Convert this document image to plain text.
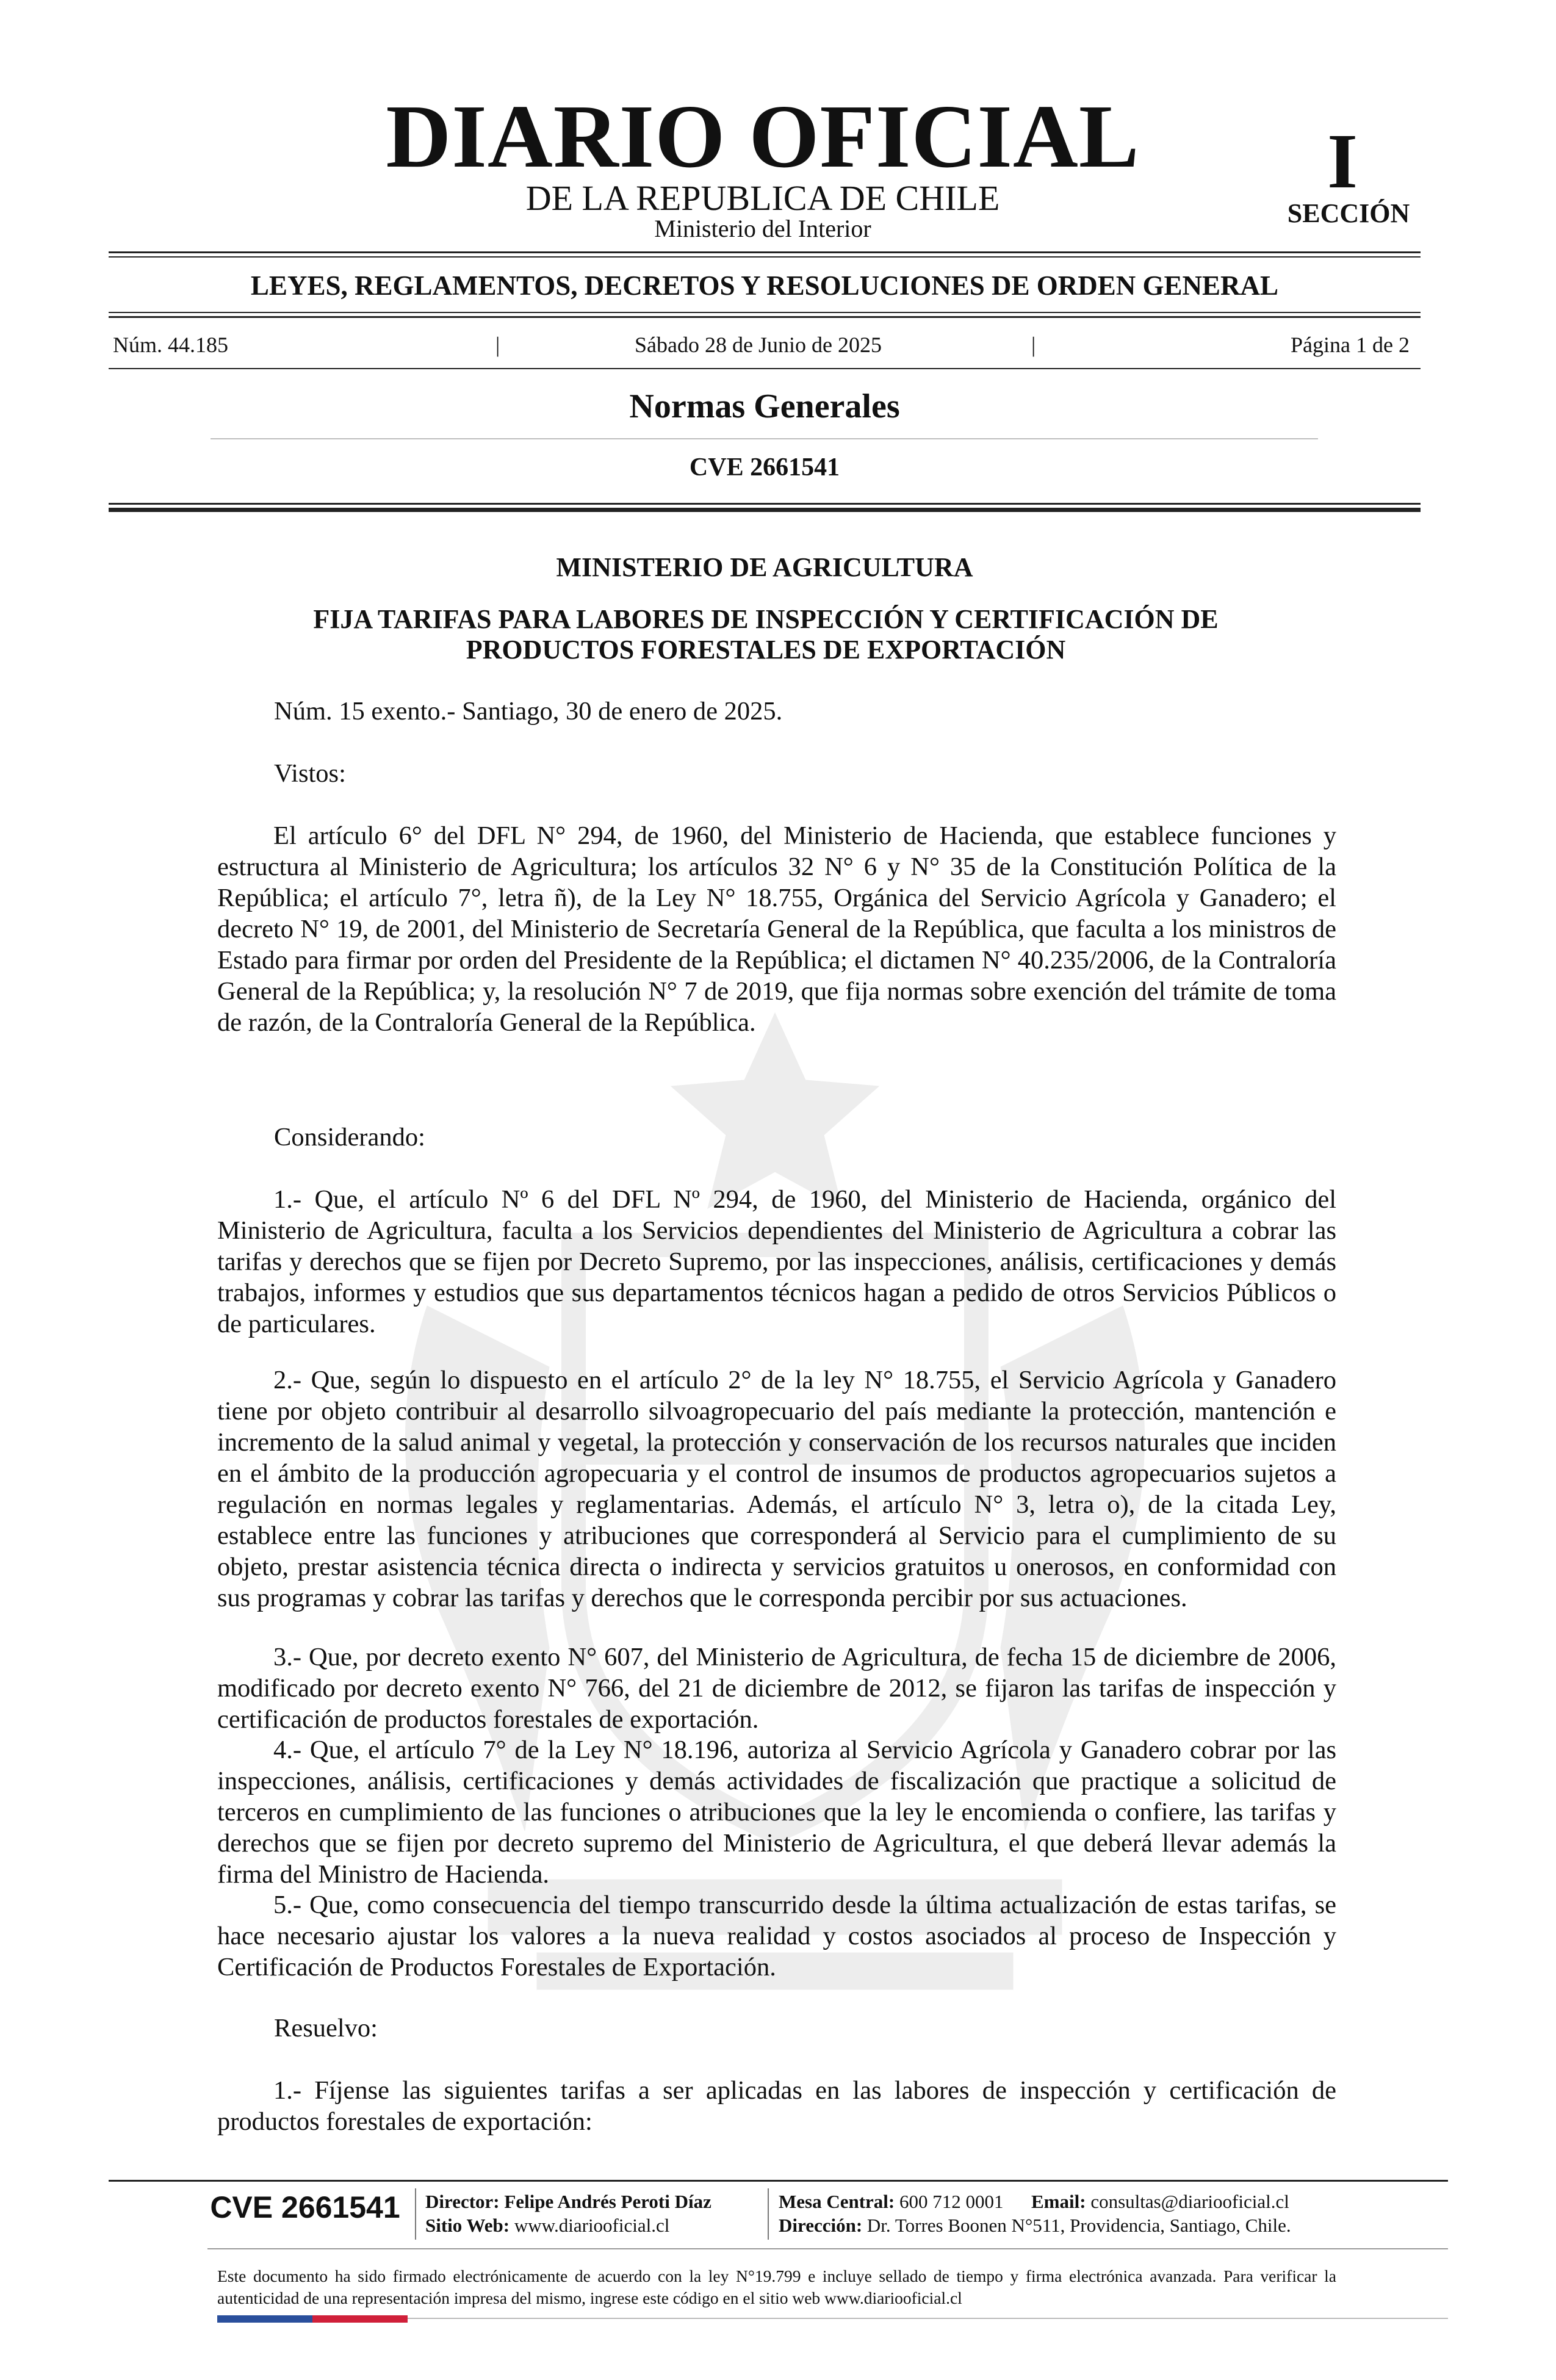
DIARIO OFICIAL
DE LA REPUBLICA DE CHILE
Ministerio del Interior
I
SECCIÓN
LEYES, REGLAMENTOS, DECRETOS Y RESOLUCIONES DE ORDEN GENERAL
Núm. 44.185	|	Sábado 28 de Junio de 2025	|	Página 1 de 2
Normas Generales
CVE 2661541
MINISTERIO DE AGRICULTURA
FIJA TARIFAS PARA LABORES DE INSPECCIÓN Y CERTIFICACIÓN DE
PRODUCTOS FORESTALES DE EXPORTACIÓN
Núm. 15 exento.- Santiago, 30 de enero de 2025.
Vistos:
El artículo 6° del DFL N° 294, de 1960, del Ministerio de Hacienda, que establece funciones y estructura al Ministerio de Agricultura; los artículos 32 N° 6 y N° 35 de la Constitución Política de la República; el artículo 7°, letra ñ), de la Ley N° 18.755, Orgánica del Servicio Agrícola y Ganadero; el decreto N° 19, de 2001, del Ministerio de Secretaría General de la República, que faculta a los ministros de Estado para firmar por orden del Presidente de la República; el dictamen N° 40.235/2006, de la Contraloría General de la República; y, la resolución N° 7 de 2019, que fija normas sobre exención del trámite de toma de razón, de la Contraloría General de la República.
Considerando:
1.- Que, el artículo Nº 6 del DFL Nº 294, de 1960, del Ministerio de Hacienda, orgánico del Ministerio de Agricultura, faculta a los Servicios dependientes del Ministerio de Agricultura a cobrar las tarifas y derechos que se fijen por Decreto Supremo, por las inspecciones, análisis, certificaciones y demás trabajos, informes y estudios que sus departamentos técnicos hagan a pedido de otros Servicios Públicos o de particulares.
2.- Que, según lo dispuesto en el artículo 2° de la ley N° 18.755, el Servicio Agrícola y Ganadero tiene por objeto contribuir al desarrollo silvoagropecuario del país mediante la protección, mantención e incremento de la salud animal y vegetal, la protección y conservación de los recursos naturales que inciden en el ámbito de la producción agropecuaria y el control de insumos de productos agropecuarios sujetos a regulación en normas legales y reglamentarias. Además, el artículo N° 3, letra o), de la citada Ley, establece entre las funciones y atribuciones que corresponderá al Servicio para el cumplimiento de su objeto, prestar asistencia técnica directa o indirecta y servicios gratuitos u onerosos, en conformidad con sus programas y cobrar las tarifas y derechos que le corresponda percibir por sus actuaciones.
3.- Que, por decreto exento N° 607, del Ministerio de Agricultura, de fecha 15 de diciembre de 2006, modificado por decreto exento N° 766, del 21 de diciembre de 2012, se fijaron las tarifas de inspección y certificación de productos forestales de exportación.
4.- Que, el artículo 7° de la Ley N° 18.196, autoriza al Servicio Agrícola y Ganadero cobrar por las inspecciones, análisis, certificaciones y demás actividades de fiscalización que practique a solicitud de terceros en cumplimiento de las funciones o atribuciones que la ley le encomienda o confiere, las tarifas y derechos que se fijen por decreto supremo del Ministerio de Agricultura, el que deberá llevar además la firma del Ministro de Hacienda.
5.- Que, como consecuencia del tiempo transcurrido desde la última actualización de estas tarifas, se hace necesario ajustar los valores a la nueva realidad y costos asociados al proceso de Inspección y Certificación de Productos Forestales de Exportación.
Resuelvo:
1.- Fíjense las siguientes tarifas a ser aplicadas en las labores de inspección y certificación de productos forestales de exportación:
CVE 2661541 Director: Felipe Andrés Peroti Díaz
Sitio Web: www.diariooficial.cl
Mesa Central: 600 712 0001 Email: consultas@diariooficial.cl
Dirección: Dr. Torres Boonen N°511, Providencia, Santiago, Chile.
Este documento ha sido firmado electrónicamente de acuerdo con la ley N°19.799 e incluye sellado de tiempo y firma electrónica avanzada. Para verificar la autenticidad de una representación impresa del mismo, ingrese este código en el sitio web www.diariooficial.cl
